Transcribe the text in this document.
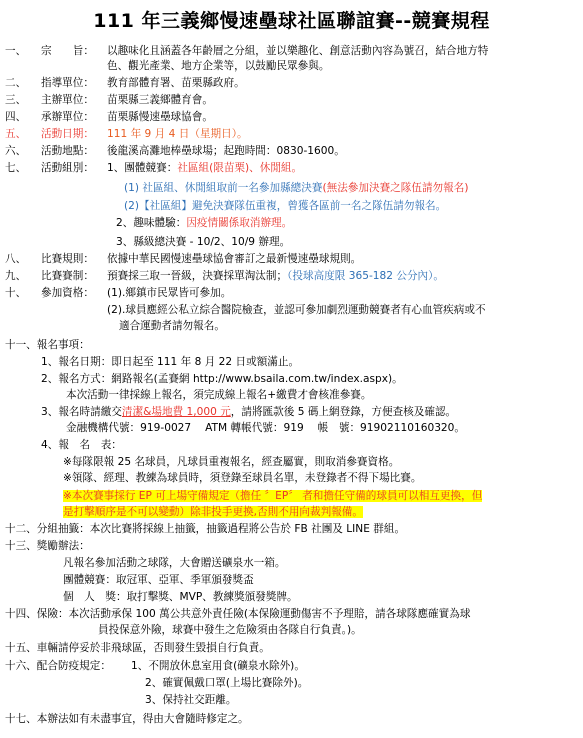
111 年三義鄉慢速壘球社區聯誼賽--競賽規程
一、 宗　　旨： 以趣味化且涵蓋各年齡層之分組，並以樂趣化、創意活動內容為號召，結合地方特
色、觀光產業、地方企業等，以鼓勵民眾參與。
二、 指導單位： 教育部體育署、苗栗縣政府。
三、 主辦單位： 苗栗縣三義鄉體育會。
四、 承辦單位： 苗栗縣慢速壘球協會。
五、 活動日期： 111 年 9 月 4 日（星期日）。
六、 活動地點： 後龍溪高灘地棒壘球場；起跑時間：0830-1600。
七、 活動組別： 1、團體競賽：社區組(限苗栗)、休閒組。
(1) 社區組、休閒組取前一名參加縣總決賽(無法參加決賽之隊伍請勿報名)
(2)【社區組】避免決賽隊伍重複，曾獲各區前一名之隊伍請勿報名。
2、趣味體驗：因疫情關係取消辦理。
3、縣級總決賽 - 10/2、10/9 辦理。
八、 比賽規則： 依據中華民國慢速壘球協會審訂之最新慢速壘球規則。
九、 比賽賽制： 預賽採三取一晉級，決賽採單淘汰制；（投球高度限 365-182 公分內）。
十、 參加資格： (1).鄉鎮市民眾皆可參加。
(2).球員應經公私立綜合醫院檢查，並認可參加劇烈運動競賽者有心血管疾病或不
適合運動者請勿報名。
十一、報名事項：
1、報名日期：即日起至 111 年 8 月 22 日或額滿止。
2、報名方式：網路報名(孟賽網 http://www.bsaila.com.tw/index.aspx)。
本次活動一律採線上報名，須完成線上報名+繳費才會核准參賽。
3、報名時請繳交清潔&場地費 1,000 元，請將匯款後 5 碼上網登錄，方便查核及確認。
金融機構代號：919-0027　 ATM 轉帳代號：919　 帳　號：91902110160320。
4、報　名　表：
※每隊限報 25 名球員，凡球員重複報名，經查屬實，則取消參賽資格。
※領隊、經理、教練為球員時，須登錄至球員名單，未登錄者不得下場比賽。
※本次賽事採行 EP 可上場守備規定（擔任 〞EP〞 者和擔任守備的球員可以相互更換，但
是打擊順序是不可以變動）除非投手更換,否則不用向裁判報備。
十二、分組抽籤：本次比賽將採線上抽籤，抽籤過程將公告於 FB 社團及 LINE 群組。
十三、獎勵辦法：
凡報名參加活動之球隊，大會贈送礦泉水一箱。
團體競賽：取冠軍、亞軍、季軍頒發獎盃
個　人　獎：取打擊獎、MVP、教練獎頒發獎牌。
十四、保險：本次活動承保 100 萬公共意外責任險(本保險運動傷害不予理賠，請各球隊應確實為球
員投保意外險，球賽中發生之危險須由各隊自行負責。)。
十五、車輛請停妥於非飛球區，否則發生毀損自行負責。
十六、配合防疫規定： 1、不開放休息室用食(礦泉水除外)。
2、確實佩戴口罩(上場比賽除外)。
3、保持社交距離。
十七、本辦法如有未盡事宜，得由大會隨時修定之。
